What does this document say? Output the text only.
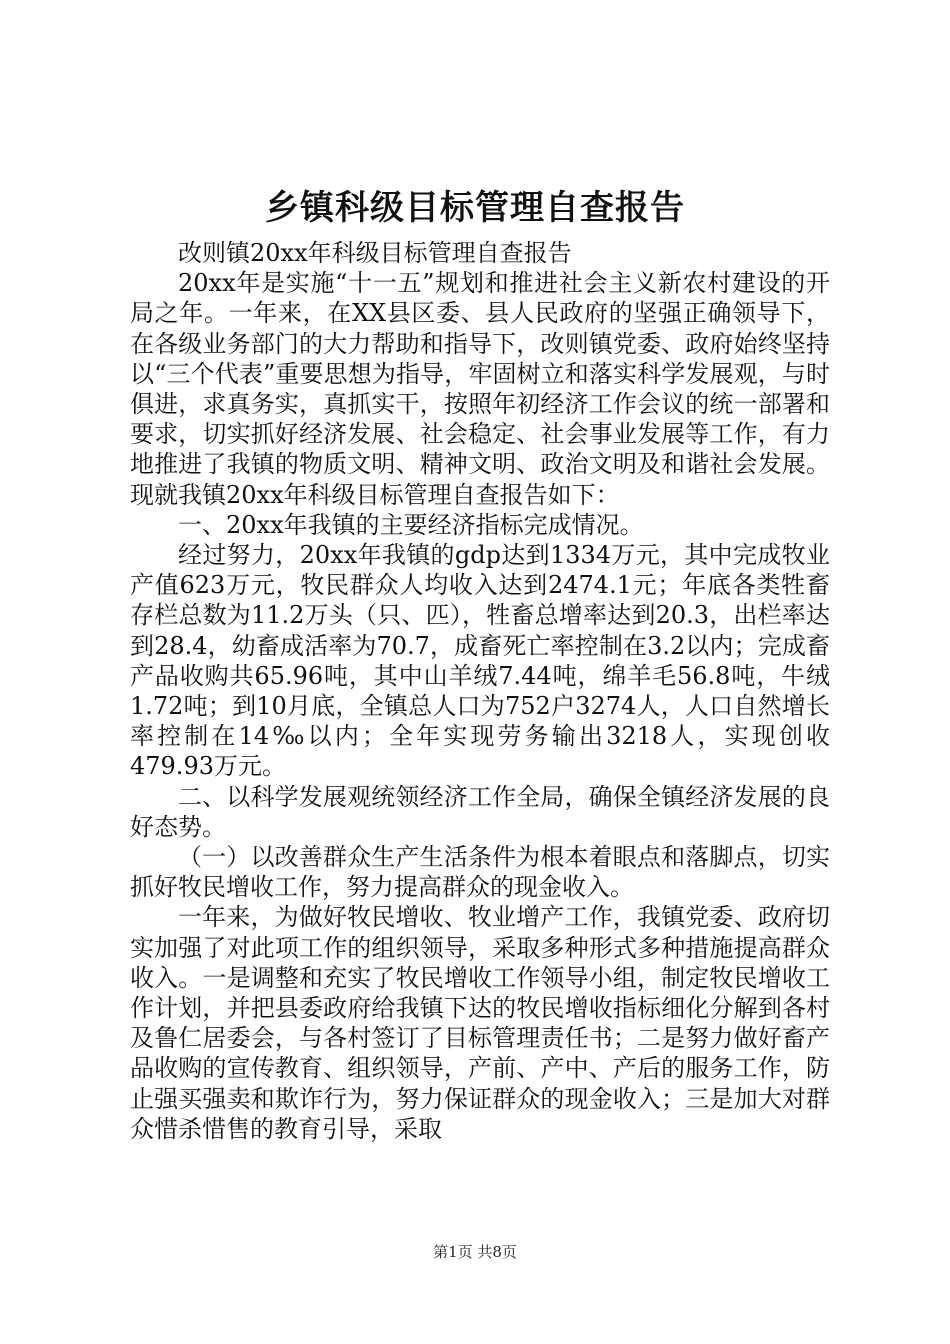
乡镇科级目标管理自查报告

改则镇20xx年科级目标管理自查报告

20xx年是实施“十一五”规划和推进社会主义新农村建设的开局之年。一年来，在XX县区委、县人民政府的坚强正确领导下，在各级业务部门的大力帮助和指导下，改则镇党委、政府始终坚持以“三个代表”重要思想为指导，牢固树立和落实科学发展观，与时俱进，求真务实，真抓实干，按照年初经济工作会议的统一部署和要求，切实抓好经济发展、社会稳定、社会事业发展等工作，有力地推进了我镇的物质文明、精神文明、政治文明及和谐社会发展。现就我镇20xx年科级目标管理自查报告如下：

一、20xx年我镇的主要经济指标完成情况。

经过努力，20xx年我镇的gdp达到1334万元，其中完成牧业产值623万元，牧民群众人均收入达到2474.1元；年底各类牲畜存栏总数为11.2万头（只、匹），牲畜总增率达到20.3，出栏率达到28.4，幼畜成活率为70.7，成畜死亡率控制在3.2以内；完成畜产品收购共65.96吨，其中山羊绒7.44吨，绵羊毛56.8吨，牛绒1.72吨；到10月底，全镇总人口为752户3274人，人口自然增长率控制在14‰以内；全年实现劳务输出3218人，实现创收479.93万元。

二、以科学发展观统领经济工作全局，确保全镇经济发展的良好态势。

（一）以改善群众生产生活条件为根本着眼点和落脚点，切实抓好牧民增收工作，努力提高群众的现金收入。

一年来，为做好牧民增收、牧业增产工作，我镇党委、政府切实加强了对此项工作的组织领导，采取多种形式多种措施提高群众收入。一是调整和充实了牧民增收工作领导小组，制定牧民增收工作计划，并把县委政府给我镇下达的牧民增收指标细化分解到各村及鲁仁居委会，与各村签订了目标管理责任书；二是努力做好畜产品收购的宣传教育、组织领导，产前、产中、产后的服务工作，防止强买强卖和欺诈行为，努力保证群众的现金收入；三是加大对群众惜杀惜售的教育引导，采取

第1页 共8页
